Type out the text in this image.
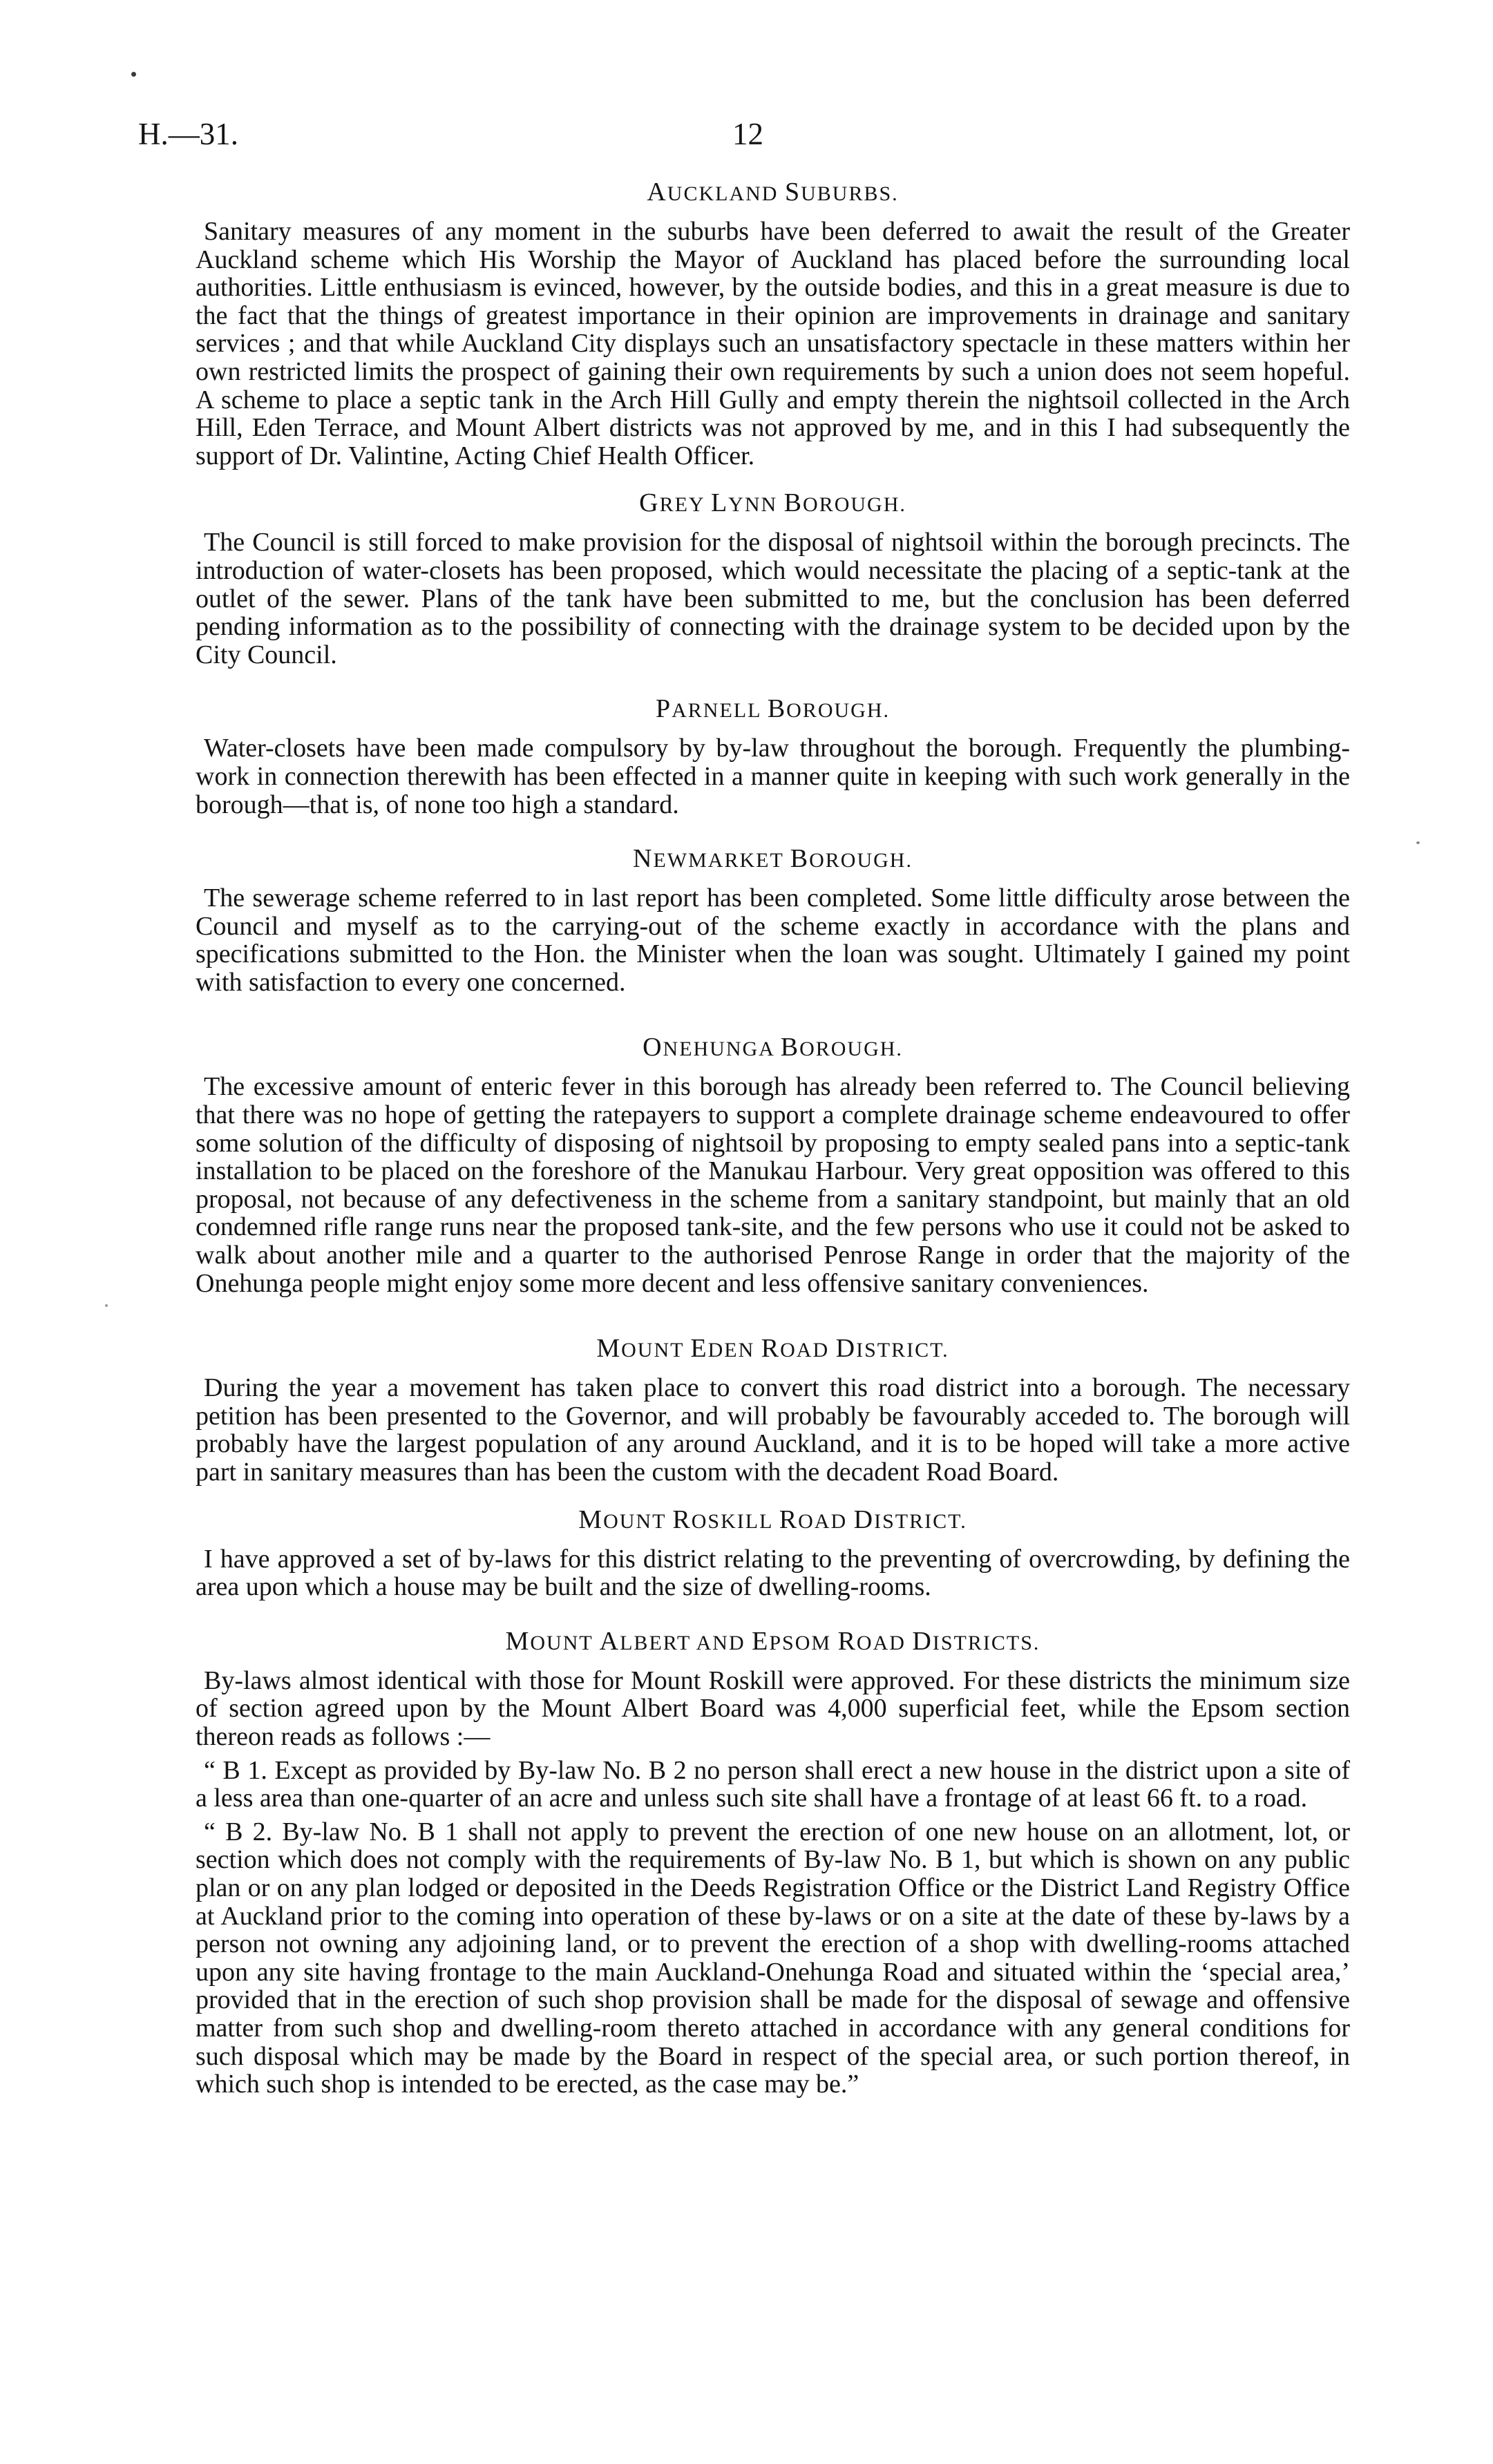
H.—31.	12
AUCKLAND SUBURBS.

Sanitary measures of any moment in the suburbs have been deferred to await the result of the Greater Auckland scheme which His Worship the Mayor of Auckland has placed before the surrounding local authorities. Little enthusiasm is evinced, however, by the outside bodies, and this in a great measure is due to the fact that the things of greatest importance in their opinion are improvements in drainage and sanitary services ; and that while Auckland City displays such an unsatisfactory spectacle in these matters within her own restricted limits the prospect of gaining their own requirements by such a union does not seem hopeful. A scheme to place a septic tank in the Arch Hill Gully and empty therein the nightsoil collected in the Arch Hill, Eden Terrace, and Mount Albert districts was not approved by me, and in this I had subsequently the support of Dr. Valintine, Acting Chief Health Officer.

GREY LYNN BOROUGH.

The Council is still forced to make provision for the disposal of nightsoil within the borough precincts. The introduction of water-closets has been proposed, which would necessitate the placing of a septic-tank at the outlet of the sewer. Plans of the tank have been submitted to me, but the conclusion has been deferred pending information as to the possibility of connecting with the drainage system to be decided upon by the City Council.

PARNELL BOROUGH.

Water-closets have been made compulsory by by-law throughout the borough. Frequently the plumbing-work in connection therewith has been effected in a manner quite in keeping with such work generally in the borough—that is, of none too high a standard.

NEWMARKET BOROUGH.

The sewerage scheme referred to in last report has been completed. Some little difficulty arose between the Council and myself as to the carrying-out of the scheme exactly in accordance with the plans and specifications submitted to the Hon. the Minister when the loan was sought. Ultimately I gained my point with satisfaction to every one concerned.

ONEHUNGA BOROUGH.

The excessive amount of enteric fever in this borough has already been referred to. The Council believing that there was no hope of getting the ratepayers to support a complete drainage scheme endeavoured to offer some solution of the difficulty of disposing of nightsoil by proposing to empty sealed pans into a septic-tank installation to be placed on the foreshore of the Manukau Harbour. Very great opposition was offered to this proposal, not because of any defectiveness in the scheme from a sanitary standpoint, but mainly that an old condemned rifle range runs near the proposed tank-site, and the few persons who use it could not be asked to walk about another mile and a quarter to the authorised Penrose Range in order that the majority of the Onehunga people might enjoy some more decent and less offensive sanitary conveniences.

MOUNT EDEN ROAD DISTRICT.

During the year a movement has taken place to convert this road district into a borough. The necessary petition has been presented to the Governor, and will probably be favourably acceded to. The borough will probably have the largest population of any around Auckland, and it is to be hoped will take a more active part in sanitary measures than has been the custom with the decadent Road Board.

MOUNT ROSKILL ROAD DISTRICT.

I have approved a set of by-laws for this district relating to the preventing of overcrowding, by defining the area upon which a house may be built and the size of dwelling-rooms.

MOUNT ALBERT AND EPSOM ROAD DISTRICTS.

By-laws almost identical with those for Mount Roskill were approved. For these districts the minimum size of section agreed upon by the Mount Albert Board was 4,000 superficial feet, while the Epsom section thereon reads as follows :—

“ B 1. Except as provided by By-law No. B 2 no person shall erect a new house in the district upon a site of a less area than one-quarter of an acre and unless such site shall have a frontage of at least 66 ft. to a road.

“ B 2. By-law No. B 1 shall not apply to prevent the erection of one new house on an allotment, lot, or section which does not comply with the requirements of By-law No. B 1, but which is shown on any public plan or on any plan lodged or deposited in the Deeds Registration Office or the District Land Registry Office at Auckland prior to the coming into operation of these by-laws or on a site at the date of these by-laws by a person not owning any adjoining land, or to prevent the erection of a shop with dwelling-rooms attached upon any site having frontage to the main Auckland-Onehunga Road and situated within the ‘special area,’ provided that in the erection of such shop provision shall be made for the disposal of sewage and offensive matter from such shop and dwelling-room thereto attached in accordance with any general conditions for such disposal which may be made by the Board in respect of the special area, or such portion thereof, in which such shop is intended to be erected, as the case may be.”
